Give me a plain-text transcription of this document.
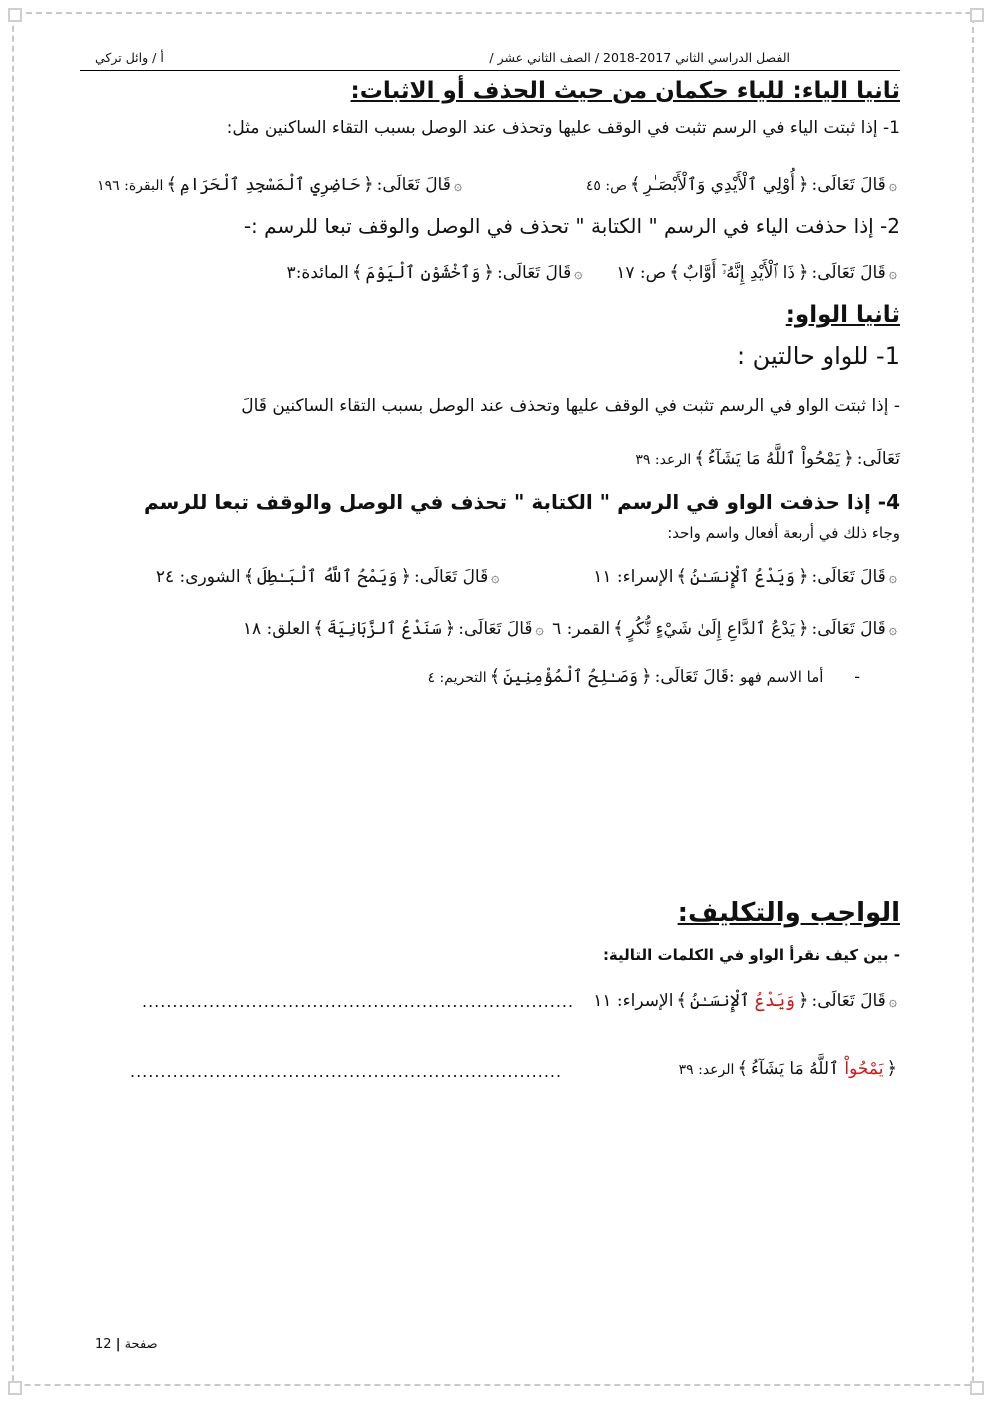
الفصل الدراسي الثاني 2017-2018 / الصف الثاني عشر /
أ / وائل تركي
ثانيا الياء: للياء حكمان من حيث الحذف أو الاثبات:
1- إذا ثبتت الياء في الرسم تثبت في الوقف عليها وتحذف عند الوصل بسبب التقاء الساكنين مثل:
۞قَالَ تَعَالَى:﴿أُوْلِي ٱلْأَيْدِي وَٱلْأَبْصَـٰرِ﴾ص: ٤٥  ۞قَالَ تَعَالَى:﴿حَاضِرِي ٱلْمَسْجِدِ ٱلْحَرَامِ﴾البقرة: ١٩٦
2- إذا حذفت الياء في الرسم " الكتابة " تحذف في الوصل والوقف تبعا للرسم :-
۞قَالَ تَعَالَى:﴿ذَا ٱلْأَيْدِ إِنَّهُۥٓ أَوَّابٌ﴾ص: ١٧  ۞قَالَ تَعَالَى:﴿وَٱخْشَوْنِ ٱلْيَوْمَ﴾المائدة:٣
ثانيا الواو:
1- للواو حالتين :
- إذا ثبتت الواو في الرسم تثبت في الوقف عليها وتحذف عند الوصل بسبب التقاء الساكنين قَالَ
تَعَالَى:﴿يَمْحُواْ ٱللَّهُ مَا يَشَآءُ﴾الرعد: ٣٩
4- إذا حذفت الواو في الرسم " الكتابة " تحذف في الوصل والوقف تبعا للرسم
وجاء ذلك في أربعة أفعال واسم واحد:
۞قَالَ تَعَالَى:﴿وَيَدْعُ ٱلْإِنسَـٰنُ﴾الإسراء: ١١  ۞قَالَ تَعَالَى:﴿وَيَمْحُ ٱللَّهُ ٱلْبَـٰطِلَ﴾الشورى: ٢٤
۞قَالَ تَعَالَى:﴿يَدْعُ ٱلدَّاعِ إِلَىٰ شَيْءٍ نُّكُرٍ﴾القمر: ٦ ۞قَالَ تَعَالَى:﴿سَنَدْعُ ٱلزَّبَانِيَةَ﴾العلق: ١٨
-  أما الاسم فهو :قَالَ تَعَالَى:﴿وَصَـٰلِحُ ٱلْمُؤْمِنِينَ﴾التحريم: ٤
الواجب والتكليف:
- بين كيف نقرأ الواو في الكلمات التالية:
۞قَالَ تَعَالَى:﴿وَيَدْعُ ٱلْإِنسَـٰنُ﴾الإسراء: ١١
.......................................................................
﴿يَمْحُواْ ٱللَّهُ مَا يَشَآءُ﴾الرعد: ٣٩
.......................................................................
صفحة | 12
